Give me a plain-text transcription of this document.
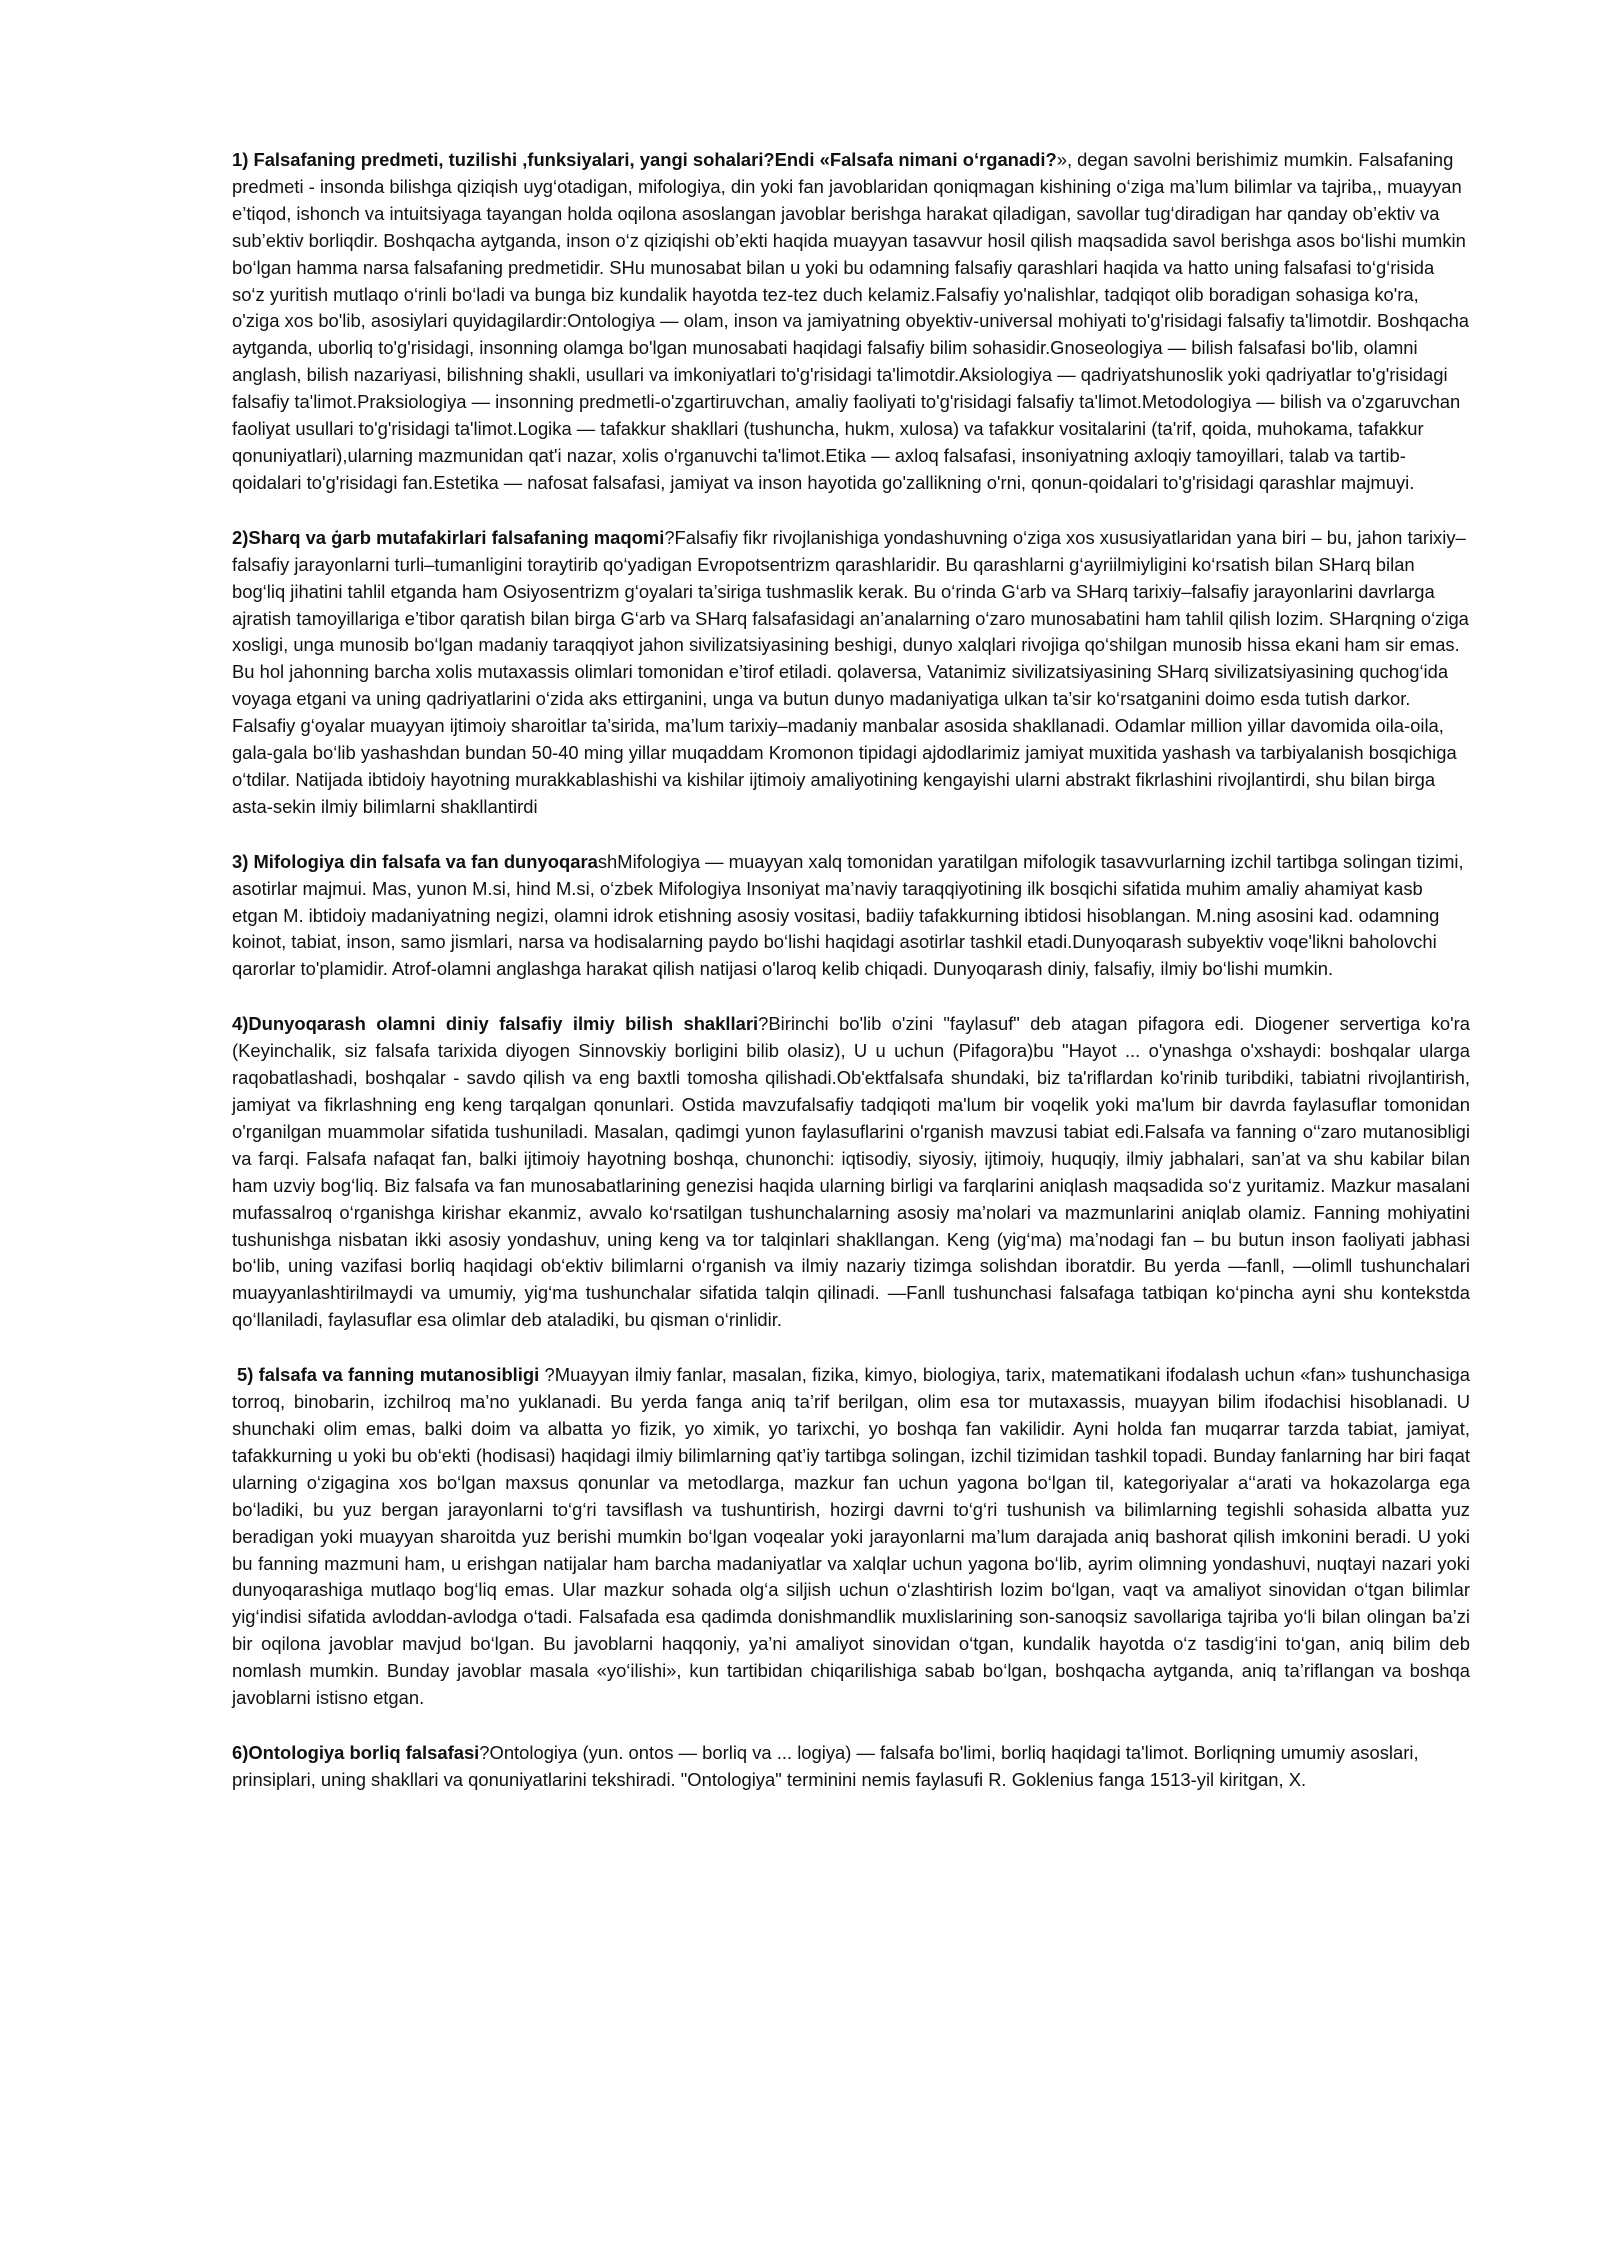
1) Falsafaning predmeti, tuzilishi ,funksiyalari, yangi sohalari?Endi «Falsafa nimani o‘rganadi?», degan savolni berishimiz mumkin. Falsafaning predmeti - insonda bilishga qiziqish uyg‘otadigan, mifologiya, din yoki fan javoblaridan qoniqmagan kishining o‘ziga ma’lum bilimlar va tajriba,, muayyan e’tiqod, ishonch va intuitsiyaga tayangan holda oqilona asoslangan javoblar berishga harakat qiladigan, savollar tug‘diradigan har qanday ob’ektiv va sub’ektiv borliqdir. Boshqacha aytganda, inson o‘z qiziqishi ob’ekti haqida muayyan tasavvur hosil qilish maqsadida savol berishga asos bo‘lishi mumkin bo‘lgan hamma narsa falsafaning predmetidir. SHu munosabat bilan u yoki bu odamning falsafiy qarashlari haqida va hatto uning falsafasi to‘g‘risida so‘z yuritish mutlaqo o‘rinli bo‘ladi va bunga biz kundalik hayotda tez-tez duch kelamiz.Falsafiy yo'nalishlar, tadqiqot olib boradigan sohasiga ko'ra, o'ziga xos bo'lib, asosiylari quyidagilardir:Ontologiya — olam, inson va jamiyatning obyektiv-universal mohiyati to'g'risidagi falsafiy ta'limotdir. Boshqacha aytganda, uborliq to'g'risidagi, insonning olamga bo'lgan munosabati haqidagi falsafiy bilim sohasidir.Gnoseologiya — bilish falsafasi bo'lib, olamni anglash, bilish nazariyasi, bilishning shakli, usullari va imkoniyatlari to'g'risidagi ta'limotdir.Aksiologiya — qadriyatshunoslik yoki qadriyatlar to'g'risidagi falsafiy ta'limot.Praksiologiya — insonning predmetli-o'zgartiruvchan, amaliy faoliyati to'g'risidagi falsafiy ta'limot.Metodologiya — bilish va o'zgaruvchan faoliyat usullari to'g'risidagi ta'limot.Logika — tafakkur shakllari (tushuncha, hukm, xulosa) va tafakkur vositalarini (ta'rif, qoida, muhokama, tafakkur qonuniyatlari),ularning mazmunidan qat'i nazar, xolis o'rganuvchi ta'limot.Etika — axloq falsafasi, insoniyatning axloqiy tamoyillari, talab va tartib-qoidalari to'g'risidagi fan.Estetika — nafosat falsafasi, jamiyat va inson hayotida go'zallikning o'rni, qonun-qoidalari to'g'risidagi qarashlar majmuyi.

2)Sharq va ġarb mutafakirlari falsafaning maqomi?Falsafiy fikr rivojlanishiga yondashuvning o‘ziga xos xususiyatlaridan yana biri – bu, jahon tarixiy–falsafiy jarayonlarni turli–tumanligini toraytirib qo‘yadigan Evropotsentrizm qarashlaridir. Bu qarashlarni g‘ayriilmiyligini ko‘rsatish bilan SHarq bilan bog‘liq jihatini tahlil etganda ham Osiyosentrizm g‘oyalari ta’siriga tushmaslik kerak. Bu o‘rinda G‘arb va SHarq tarixiy–falsafiy jarayonlarini davrlarga ajratish tamoyillariga e’tibor qaratish bilan birga G‘arb va SHarq falsafasidagi an’analarning o‘zaro munosabatini ham tahlil qilish lozim. SHarqning o‘ziga xosligi, unga munosib bo‘lgan madaniy taraqqiyot jahon sivilizatsiyasining beshigi, dunyo xalqlari rivojiga qo‘shilgan munosib hissa ekani ham sir emas. Bu hol jahonning barcha xolis mutaxassis olimlari tomonidan e’tirof etiladi. qolaversa, Vatanimiz sivilizatsiyasining SHarq sivilizatsiyasining quchog‘ida voyaga etgani va uning qadriyatlarini o‘zida aks ettirganini, unga va butun dunyo madaniyatiga ulkan ta’sir ko‘rsatganini doimo esda tutish darkor. Falsafiy g‘oyalar muayyan ijtimoiy sharoitlar ta’sirida, ma’lum tarixiy–madaniy manbalar asosida shakllanadi. Odamlar million yillar davomida oila-oila, gala-gala bo‘lib yashashdan bundan 50-40 ming yillar muqaddam Kromonon tipidagi ajdodlarimiz jamiyat muxitida yashash va tarbiyalanish bosqichiga o‘tdilar. Natijada ibtidoiy hayotning murakkablashishi va kishilar ijtimoiy amaliyotining kengayishi ularni abstrakt fikrlashini rivojlantirdi, shu bilan birga asta-sekin ilmiy bilimlarni shakllantirdi

3) Mifologiya din falsafa va fan dunyoqarashMifologiya — muayyan xalq tomonidan yaratilgan mifologik tasavvurlarning izchil tartibga solingan tizimi, asotirlar majmui. Mas, yunon M.si, hind M.si, o‘zbek Mifologiya Insoniyat ma’naviy taraqqiyotining ilk bosqichi sifatida muhim amaliy ahamiyat kasb etgan M. ibtidoiy madaniyatning negizi, olamni idrok etishning asosiy vositasi, badiiy tafakkurning ibtidosi hisoblangan. M.ning asosini kad. odamning koinot, tabiat, inson, samo jismlari, narsa va hodisalarning paydo bo‘lishi haqidagi asotirlar tashkil etadi.Dunyoqarash subyektiv voqe'likni baholovchi qarorlar to'plamidir. Atrof-olamni anglashga harakat qilish natijasi o'laroq kelib chiqadi. Dunyoqarash diniy, falsafiy, ilmiy bo‘lishi mumkin.

4)Dunyoqarash olamni diniy falsafiy ilmiy bilish shakllari?Birinchi bo'lib o'zini "faylasuf" deb atagan pifagora edi. Diogener servertiga ko'ra (Keyinchalik, siz falsafa tarixida diyogen Sinnovskiy borligini bilib olasiz), U u uchun (Pifagora)bu "Hayot ... o'ynashga o'xshaydi: boshqalar ularga raqobatlashadi, boshqalar - savdo qilish va eng baxtli tomosha qilishadi.Ob'ektfalsafa shundaki, biz ta'riflardan ko'rinib turibdiki, tabiatni rivojlantirish, jamiyat va fikrlashning eng keng tarqalgan qonunlari. Ostida mavzufalsafiy tadqiqoti ma'lum bir voqelik yoki ma'lum bir davrda faylasuflar tomonidan o'rganilgan muammolar sifatida tushuniladi. Masalan, qadimgi yunon faylasuflarini o'rganish mavzusi tabiat edi.Falsafa va fanning o‘‘zaro mutanosibligi va farqi. Falsafa nafaqat fan, balki ijtimoiy hayotning boshqa, chunonchi: iqtisodiy, siyosiy, ijtimoiy, huquqiy, ilmiy jabhalari, san’at va shu kabilar bilan ham uzviy bog‘liq. Biz falsafa va fan munosabatlarining genezisi haqida ularning birligi va farqlarini aniqlash maqsadida so‘z yuritamiz. Mazkur masalani mufassalroq o‘rganishga kirishar ekanmiz, avvalo ko‘rsatilgan tushunchalarning asosiy ma’nolari va mazmunlarini aniqlab olamiz. Fanning mohiyatini tushunishga nisbatan ikki asosiy yondashuv, uning keng va tor talqinlari shakllangan. Keng (yig‘ma) ma’nodagi fan – bu butun inson faoliyati jabhasi bo‘lib, uning vazifasi borliq haqidagi ob‘ektiv bilimlarni o‘rganish va ilmiy nazariy tizimga solishdan iboratdir. Bu yerda ―fan‖, ―olim‖ tushunchalari muayyanlashtirilmaydi va umumiy, yig‘ma tushunchalar sifatida talqin qilinadi. ―Fan‖ tushunchasi falsafaga tatbiqan ko‘pincha ayni shu kontekstda qo‘llaniladi, faylasuflar esa olimlar deb ataladiki, bu qisman o‘rinlidir.

5) falsafa va fanning mutanosibligi ?Muayyan ilmiy fanlar, masalan, fizika, kimyo, biologiya, tarix, matematikani ifodalash uchun «fan» tushunchasiga torroq, binobarin, izchilroq ma’no yuklanadi. Bu yerda fanga aniq ta’rif berilgan, olim esa tor mutaxassis, muayyan bilim ifodachisi hisoblanadi. U shunchaki olim emas, balki doim va albatta yo fizik, yo ximik, yo tarixchi, yo boshqa fan vakilidir. Ayni holda fan muqarrar tarzda tabiat, jamiyat, tafakkurning u yoki bu ob‘ekti (hodisasi) haqidagi ilmiy bilimlarning qat’iy tartibga solingan, izchil tizimidan tashkil topadi. Bunday fanlarning har biri faqat ularning o‘zigagina xos bo‘lgan maxsus qonunlar va metodlarga, mazkur fan uchun yagona bo‘lgan til, kategoriyalar a‘‘arati va hokazolarga ega bo‘ladiki, bu yuz bergan jarayonlarni to‘g‘ri tavsiflash va tushuntirish, hozirgi davrni to‘g‘ri tushunish va bilimlarning tegishli sohasida albatta yuz beradigan yoki muayyan sharoitda yuz berishi mumkin bo‘lgan voqealar yoki jarayonlarni ma’lum darajada aniq bashorat qilish imkonini beradi. U yoki bu fanning mazmuni ham, u erishgan natijalar ham barcha madaniyatlar va xalqlar uchun yagona bo‘lib, ayrim olimning yondashuvi, nuqtayi nazari yoki dunyoqarashiga mutlaqo bog‘liq emas. Ular mazkur sohada olg‘a siljish uchun o‘zlashtirish lozim bo‘lgan, vaqt va amaliyot sinovidan o‘tgan bilimlar yig‘indisi sifatida avloddan-avlodga o‘tadi. Falsafada esa qadimda donishmandlik muxlislarining son-sanoqsiz savollariga tajriba yo‘li bilan olingan ba’zi bir oqilona javoblar mavjud bo‘lgan. Bu javoblarni haqqoniy, ya’ni amaliyot sinovidan o‘tgan, kundalik hayotda o‘z tasdig‘ini to‘gan, aniq bilim deb nomlash mumkin. Bunday javoblar masala «yo‘ilishi», kun tartibidan chiqarilishiga sabab bo‘lgan, boshqacha aytganda, aniq ta’riflangan va boshqa javoblarni istisno etgan.

6)Ontologiya borliq falsafasi?Ontologiya (yun. ontos — borliq va ... logiya) — falsafa bo'limi, borliq haqidagi ta'limot. Borliqning umumiy asoslari, prinsiplari, uning shakllari va qonuniyatlarini tekshiradi. "Ontologiya" terminini nemis faylasufi R. Goklenius fanga 1513-yil kiritgan, X.
